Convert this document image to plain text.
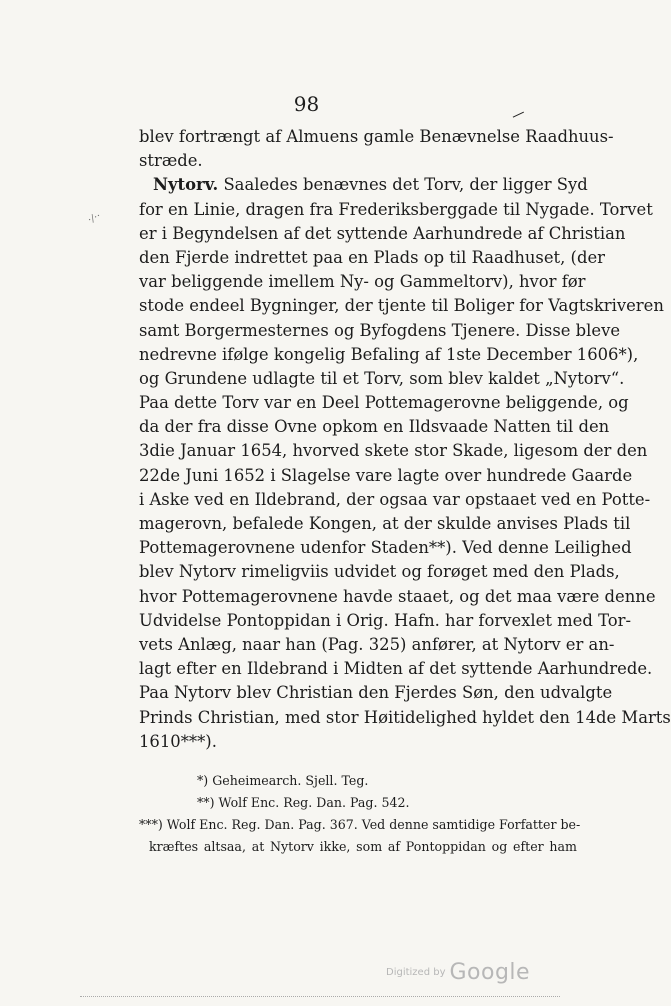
98
·/··
blev fortrængt af Almuens gamle Benævnelse Raadhuus-
stræde.
Nytorv. Saaledes benævnes det Torv, der ligger Syd
for en Linie, dragen fra Frederiksberggade til Nygade. Torvet
er i Begyndelsen af det syttende Aarhundrede af Christian
den Fjerde indrettet paa en Plads op til Raadhuset, (der
var beliggende imellem Ny- og Gammeltorv), hvor før
stode endeel Bygninger, der tjente til Boliger for Vagtskriveren
samt Borgermesternes og Byfogdens Tjenere. Disse bleve
nedrevne ifølge kongelig Befaling af 1ste December 1606*),
og Grundene udlagte til et Torv, som blev kaldet „Nytorv“.
Paa dette Torv var en Deel Pottemagerovne beliggende, og
da der fra disse Ovne opkom en Ildsvaade Natten til den
3die Januar 1654, hvorved skete stor Skade, ligesom der den
22de Juni 1652 i Slagelse vare lagte over hundrede Gaarde
i Aske ved en Ildebrand, der ogsaa var opstaaet ved en Potte-
magerovn, befalede Kongen, at der skulde anvises Plads til
Pottemagerovnene udenfor Staden**). Ved denne Leilighed
blev Nytorv rimeligviis udvidet og forøget med den Plads,
hvor Pottemagerovnene havde staaet, og det maa være denne
Udvidelse Pontoppidan i Orig. Hafn. har forvexlet med Tor-
vets Anlæg, naar han (Pag. 325) anfører, at Nytorv er an-
lagt efter en Ildebrand i Midten af det syttende Aarhundrede.
Paa Nytorv blev Christian den Fjerdes Søn, den udvalgte
Prinds Christian, med stor Høitidelighed hyldet den 14de Marts
1610***).
*) Geheimearch. Sjell. Teg.
**) Wolf Enc. Reg. Dan. Pag. 542.
***) Wolf Enc. Reg. Dan. Pag. 367. Ved denne samtidige Forfatter be-
kræftes altsaa, at Nytorv ikke, som af Pontoppidan og efter ham
Digitized by Google
